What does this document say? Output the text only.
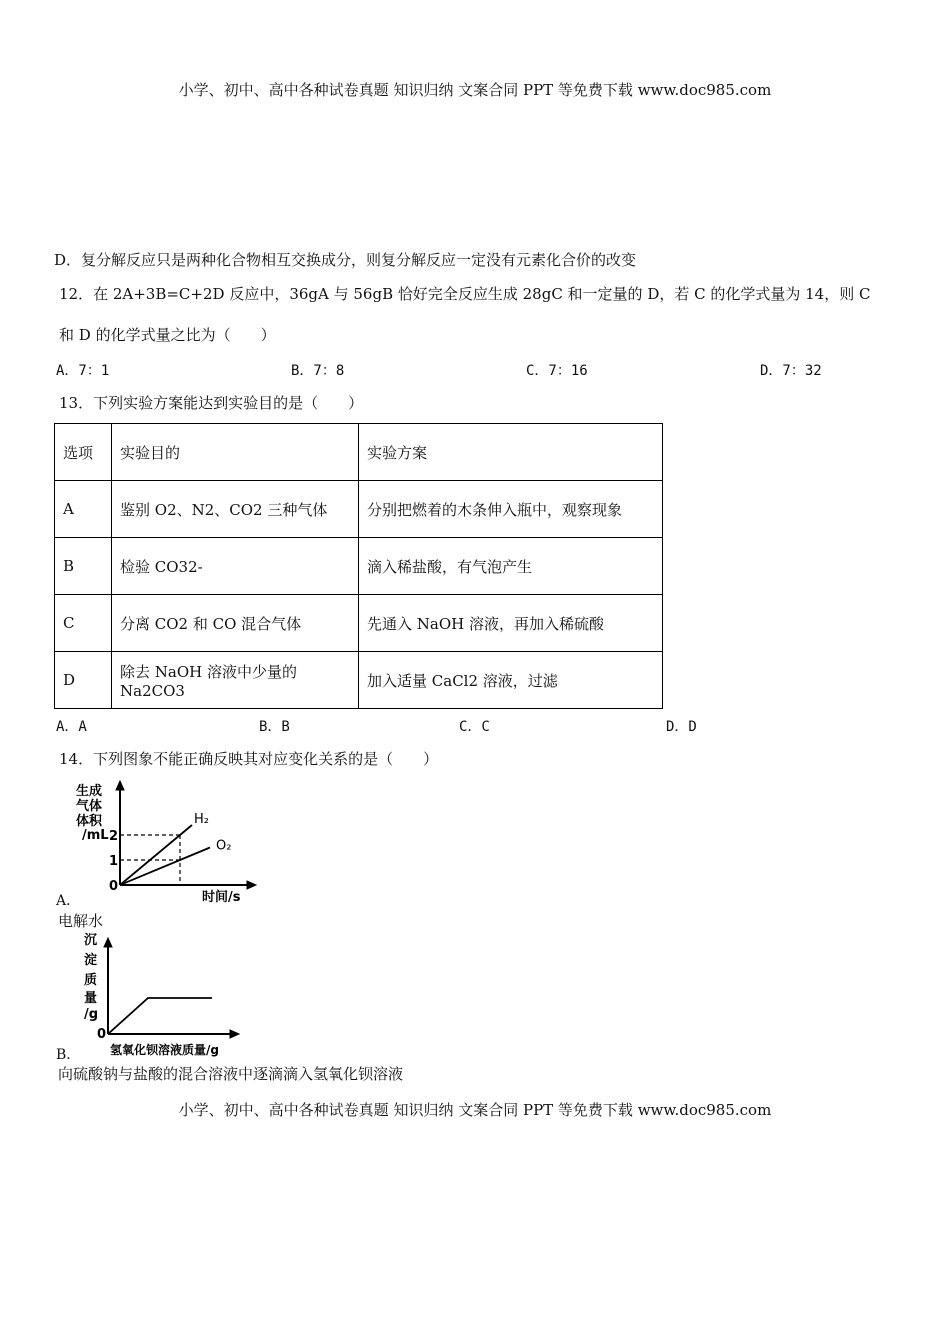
小学、初中、高中各种试卷真题 知识归纳 文案合同 PPT 等免费下载 www.doc985.com
D．复分解反应只是两种化合物相互交换成分，则复分解反应一定没有元素化合价的改变
12．在 2A+3B=C+2D 反应中，36gA 与 56gB 恰好完全反应生成 28gC 和一定量的 D，若 C 的化学式量为 14，则 C
和 D 的化学式量之比为（　　）
A．7：1	B．7：8	C．7：16	D．7：32
13．下列实验方案能达到实验目的是（　　）
选项	实验目的	实验方案
A	鉴别 O2、N2、CO2 三种气体	分别把燃着的木条伸入瓶中，观察现象
B	检验 CO32-	滴入稀盐酸，有气泡产生
C	分离 CO2 和 CO 混合气体	先通入 NaOH 溶液，再加入稀硫酸
D	除去 NaOH 溶液中少量的 Na2CO3	加入适量 CaCl2 溶液，过滤
A．A	B．B	C．C	D．D
14．下列图象不能正确反映其对应变化关系的是（　　）
H₂
O₂
0
1
2
生成
气体
体积
/mL
时间/s
A．
电解水
0
沉
淀
质
量
/g
氢氧化钡溶液质量/g
B．
向硫酸钠与盐酸的混合溶液中逐滴滴入氢氧化钡溶液
小学、初中、高中各种试卷真题 知识归纳 文案合同 PPT 等免费下载 www.doc985.com
